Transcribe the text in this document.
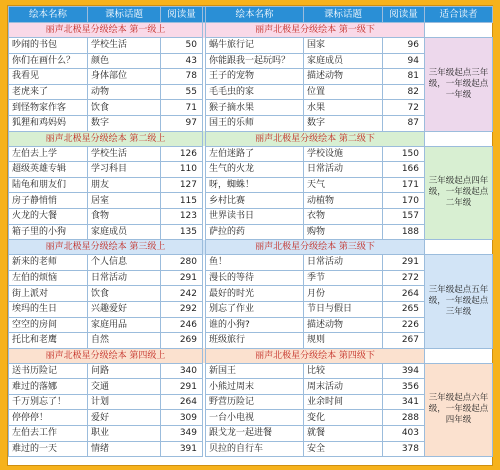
绘本名称	课标话题	阅读量		绘本名称	课标话题	阅读量	适合读者
丽声北极星分级绘本 第一级上				丽声北极星分级绘本 第一级下			
吵闹的书包	学校生活	50		蜗牛旅行记	国家	96	三年级起点三年级，一年级起点一年级
你们在画什么？	颜色	43		你能跟我一起玩吗？	家庭成员	94	
我看见	身体部位	78		王子的宠物	描述动物	81	
老虎来了	动物	55		毛毛虫的家	位置	82	
到怪物家作客	饮食	71		猴子摘水果	水果	72	
狐狸和鸡妈妈	数字	97		国王的乐师	数字	87	
丽声北极星分级绘本 第二级上				丽声北极星分级绘本 第二级下			
左伯去上学	学校生活	126		左伯迷路了	学校设施	150	三年级起点四年级，一年级起点二年级
超级英雄专辑	学习科目	110		生气的火龙	日常活动	166	
陆龟和朋友们	朋友	127		呀，蜘蛛！	天气	171	
房子静悄悄	居室	115		乡村比赛	动植物	170	
火龙的大餐	食物	123		世界读书日	衣物	157	
箱子里的小狗	家庭成员	135		萨拉的药	购物	188	
丽声北极星分级绘本 第三级上				丽声北极星分级绘本 第三级下			
新来的老师	个人信息	280		鱼！	日常活动	291	三年级起点五年级，一年级起点三年级
左伯的烦恼	日常活动	291		漫长的等待	季节	272	
街上派对	饮食	242		最好的时光	月份	264	
埃玛的生日	兴趣爱好	292		别忘了作业	节日与假日	265	
空空的房间	家庭用品	246		谁的小狗?	描述动物	226	
托比和老鹰	自然	269		班级旅行	规则	267	
丽声北极星分级绘本 第四级上				丽声北极星分级绘本 第四级下			
送书历险记	问路	340		新国王	比较	394	三年级起点六年级，一年级起点四年级
难过的落娜	交通	291		小熊过周末	周末活动	356	
千万别忘了！	计划	264		野营历险记	业余时间	341	
停停停！	爱好	309		一台小电视	变化	288	
左伯去工作	职业	349		跟戈龙一起进餐	就餐	403	
难过的一天	情绪	391		贝拉的自行车	安全	378	
